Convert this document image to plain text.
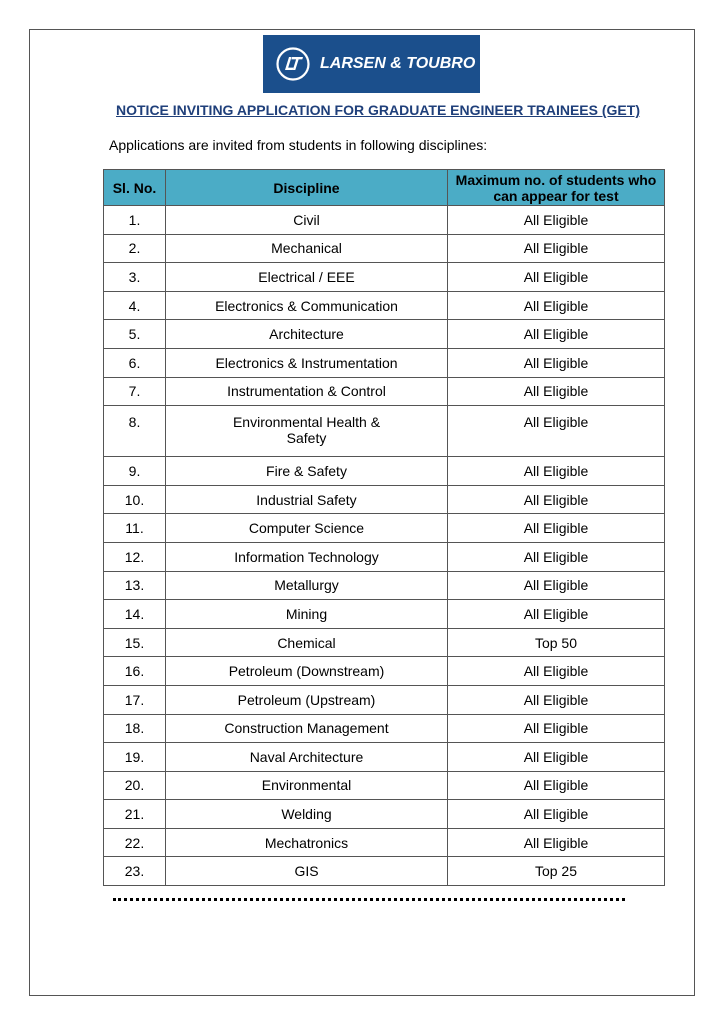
LARSEN & TOUBRO
NOTICE INVITING APPLICATION FOR GRADUATE ENGINEER TRAINEES (GET)
Applications are invited from students in following disciplines:
Sl. No.	Discipline	Maximum no. of students who can appear for test
1.	Civil	All Eligible
2.	Mechanical	All Eligible
3.	Electrical / EEE	All Eligible
4.	Electronics & Communication	All Eligible
5.	Architecture	All Eligible
6.	Electronics & Instrumentation	All Eligible
7.	Instrumentation & Control	All Eligible
8.	Environmental Health & Safety	All Eligible
9.	Fire & Safety	All Eligible
10.	Industrial Safety	All Eligible
11.	Computer Science	All Eligible
12.	Information Technology	All Eligible
13.	Metallurgy	All Eligible
14.	Mining	All Eligible
15.	Chemical	Top 50
16.	Petroleum (Downstream)	All Eligible
17.	Petroleum (Upstream)	All Eligible
18.	Construction Management	All Eligible
19.	Naval Architecture	All Eligible
20.	Environmental	All Eligible
21.	Welding	All Eligible
22.	Mechatronics	All Eligible
23.	GIS	Top 25
